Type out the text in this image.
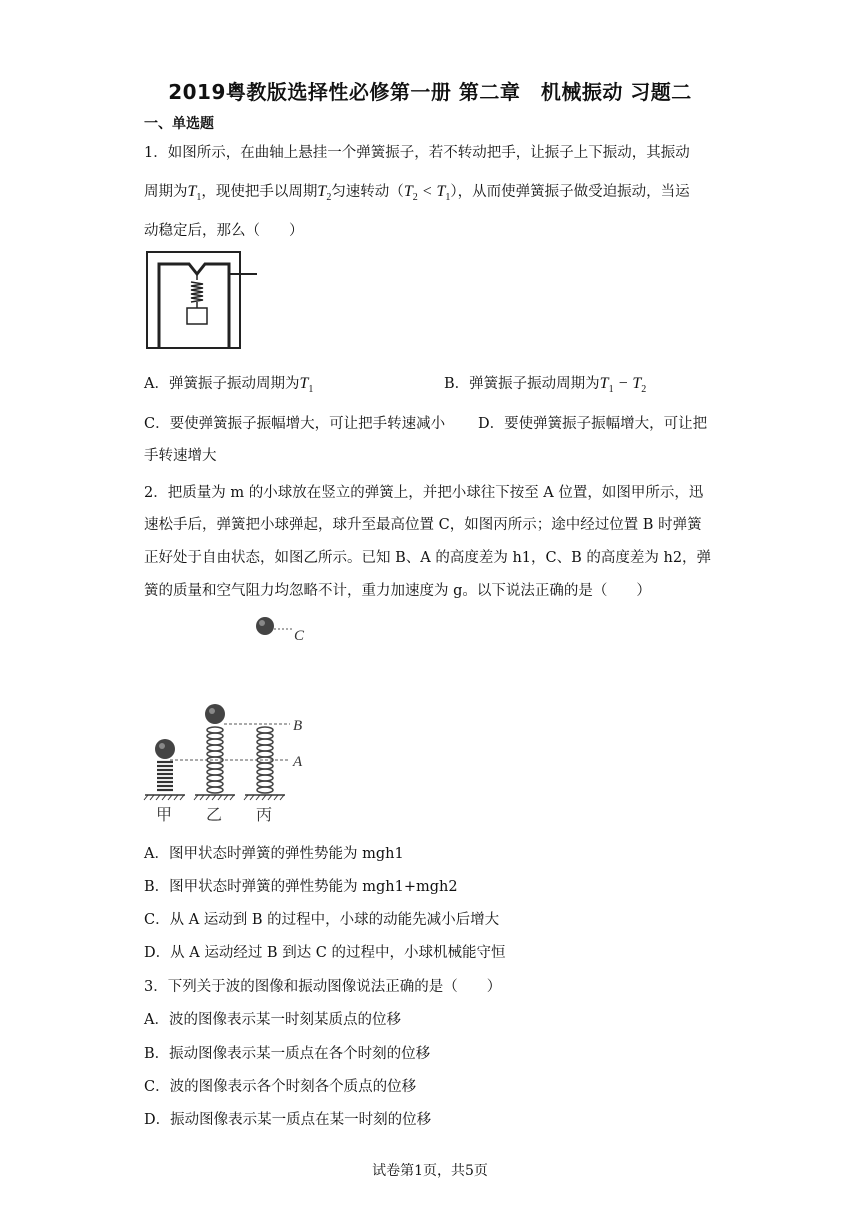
2019粤教版选择性必修第一册 第二章　机械振动 习题二
一、单选题
1．如图所示，在曲轴上悬挂一个弹簧振子，若不转动把手，让振子上下振动，其振动
周期为$T_1$，现使把手以周期$T_2$匀速转动$(T_2 < T_1)$，从而使弹簧振子做受迫振动，当运
动稳定后，那么（　　）
A．弹簧振子振动周期为$T_1$	B．弹簧振子振动周期为$T_1 - T_2$
C．要使弹簧振子振幅增大，可让把手转速减小 D．要使弹簧振子振幅增大，可让把
手转速增大
2．把质量为 m 的小球放在竖立的弹簧上，并把小球往下按至 A 位置，如图甲所示，迅
速松手后，弹簧把小球弹起，球升至最高位置 C，如图丙所示；途中经过位置 B 时弹簧
正好处于自由状态，如图乙所示。已知 B、A 的高度差为 h1，C、B 的高度差为 h2，弹
簧的质量和空气阻力均忽略不计，重力加速度为 g。以下说法正确的是（　　）
C
B
A
甲 乙 丙
A．图甲状态时弹簧的弹性势能为 mgh1
B．图甲状态时弹簧的弹性势能为 mgh1+mgh2
C．从 A 运动到 B 的过程中，小球的动能先减小后增大
D．从 A 运动经过 B 到达 C 的过程中，小球机械能守恒
3．下列关于波的图像和振动图像说法正确的是（　　）
A．波的图像表示某一时刻某质点的位移
B．振动图像表示某一质点在各个时刻的位移
C．波的图像表示各个时刻各个质点的位移
D．振动图像表示某一质点在某一时刻的位移
试卷第1页，共5页
